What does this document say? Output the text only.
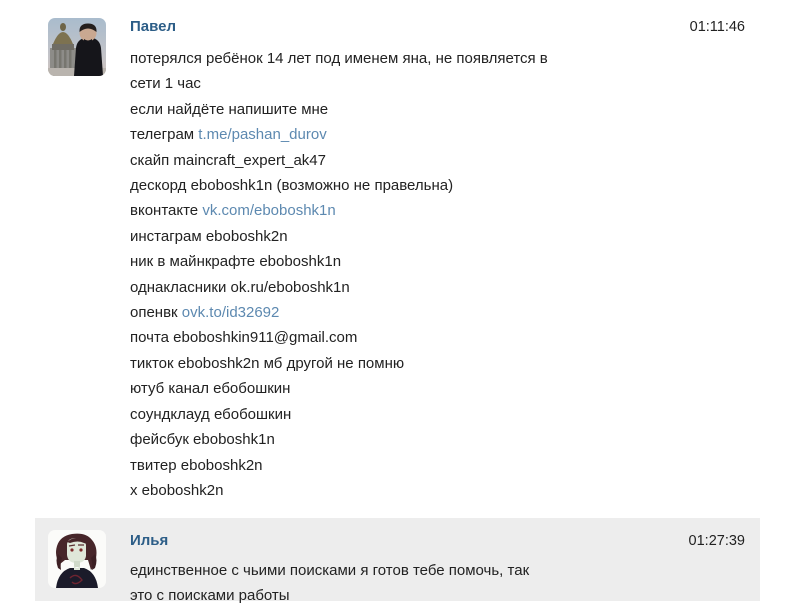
Павел	01:11:46
потерялся ребёнок 14 лет под именем яна, не появляется в
сети 1 час
если найдёте напишите мне
телеграм t.me/pashan_durov
скайп maincraft_expert_ak47
дескорд eboboshk1n (возможно не правельна)
вконтакте vk.com/eboboshk1n
инстаграм eboboshk2n
ник в майнкрафте eboboshk1n
однакласники ok.ru/eboboshk1n
опенвк ovk.to/id32692
почта eboboshkin911@gmail.com
тикток eboboshk2n мб другой не помню
ютуб канал ебобошкин
соундклауд ебобошкин
фейсбук eboboshk1n
твитер eboboshk2n
x eboboshk2n
Илья	01:27:39
единственное с чьими поисками я готов тебе помочь, так
это с поисками работы
